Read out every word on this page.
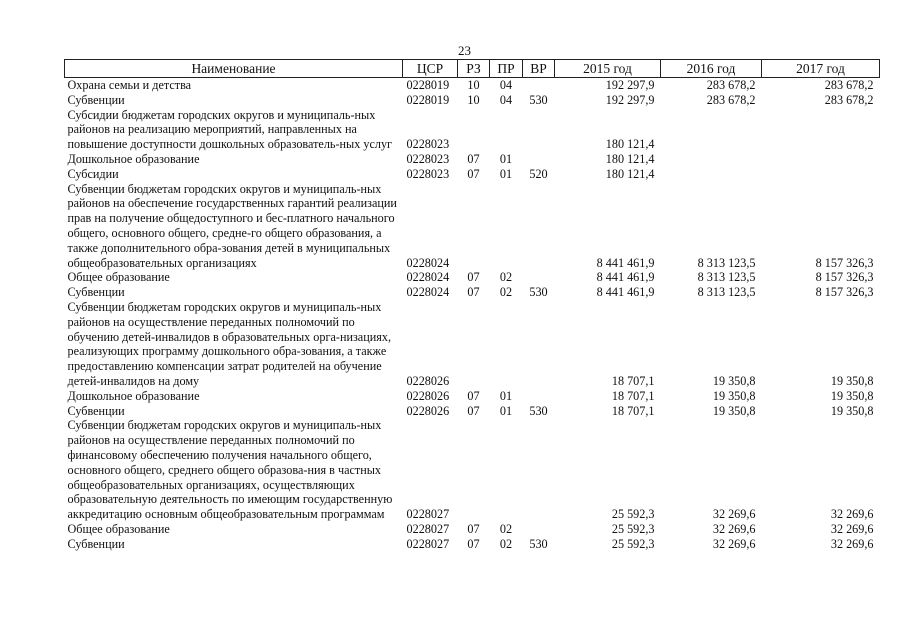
23
Наименование	ЦСР	РЗ	ПР	ВР	2015 год	2016 год	2017 год
Охрана семьи и детства	0228019	10	04		192 297,9	283 678,2	283 678,2
Субвенции	0228019	10	04	530	192 297,9	283 678,2	283 678,2
Субсидии бюджетам городских округов и муниципаль-ных районов на реализацию мероприятий, направленных на повышение доступности дошкольных образователь-ных услуг	0228023				180 121,4		
Дошкольное образование	0228023	07	01		180 121,4		
Субсидии	0228023	07	01	520	180 121,4		
Субвенции бюджетам городских округов и муниципаль-ных районов на обеспечение государственных гарантий реализации прав на получение общедоступного и бес-платного начального общего, основного общего, средне-го общего образования, а также дополнительного обра-зования детей в муниципальных общеобразовательных организациях	0228024				8 441 461,9	8 313 123,5	8 157 326,3
Общее образование	0228024	07	02		8 441 461,9	8 313 123,5	8 157 326,3
Субвенции	0228024	07	02	530	8 441 461,9	8 313 123,5	8 157 326,3
Субвенции бюджетам городских округов и муниципаль-ных районов на осуществление переданных полномочий по обучению детей-инвалидов в образовательных орга-низациях, реализующих программу дошкольного обра-зования, а также предоставлению компенсации затрат родителей на обучение детей-инвалидов на дому	0228026				18 707,1	19 350,8	19 350,8
Дошкольное образование	0228026	07	01		18 707,1	19 350,8	19 350,8
Субвенции	0228026	07	01	530	18 707,1	19 350,8	19 350,8
Субвенции бюджетам городских округов и муниципаль-ных районов на осуществление переданных полномочий по финансовому обеспечению получения начального общего, основного общего, среднего общего образова-ния в частных общеобразовательных организациях, осуществляющих образовательную деятельность по имеющим государственную аккредитацию основным общеобразовательным программам	0228027				25 592,3	32 269,6	32 269,6
Общее образование	0228027	07	02		25 592,3	32 269,6	32 269,6
Субвенции	0228027	07	02	530	25 592,3	32 269,6	32 269,6
